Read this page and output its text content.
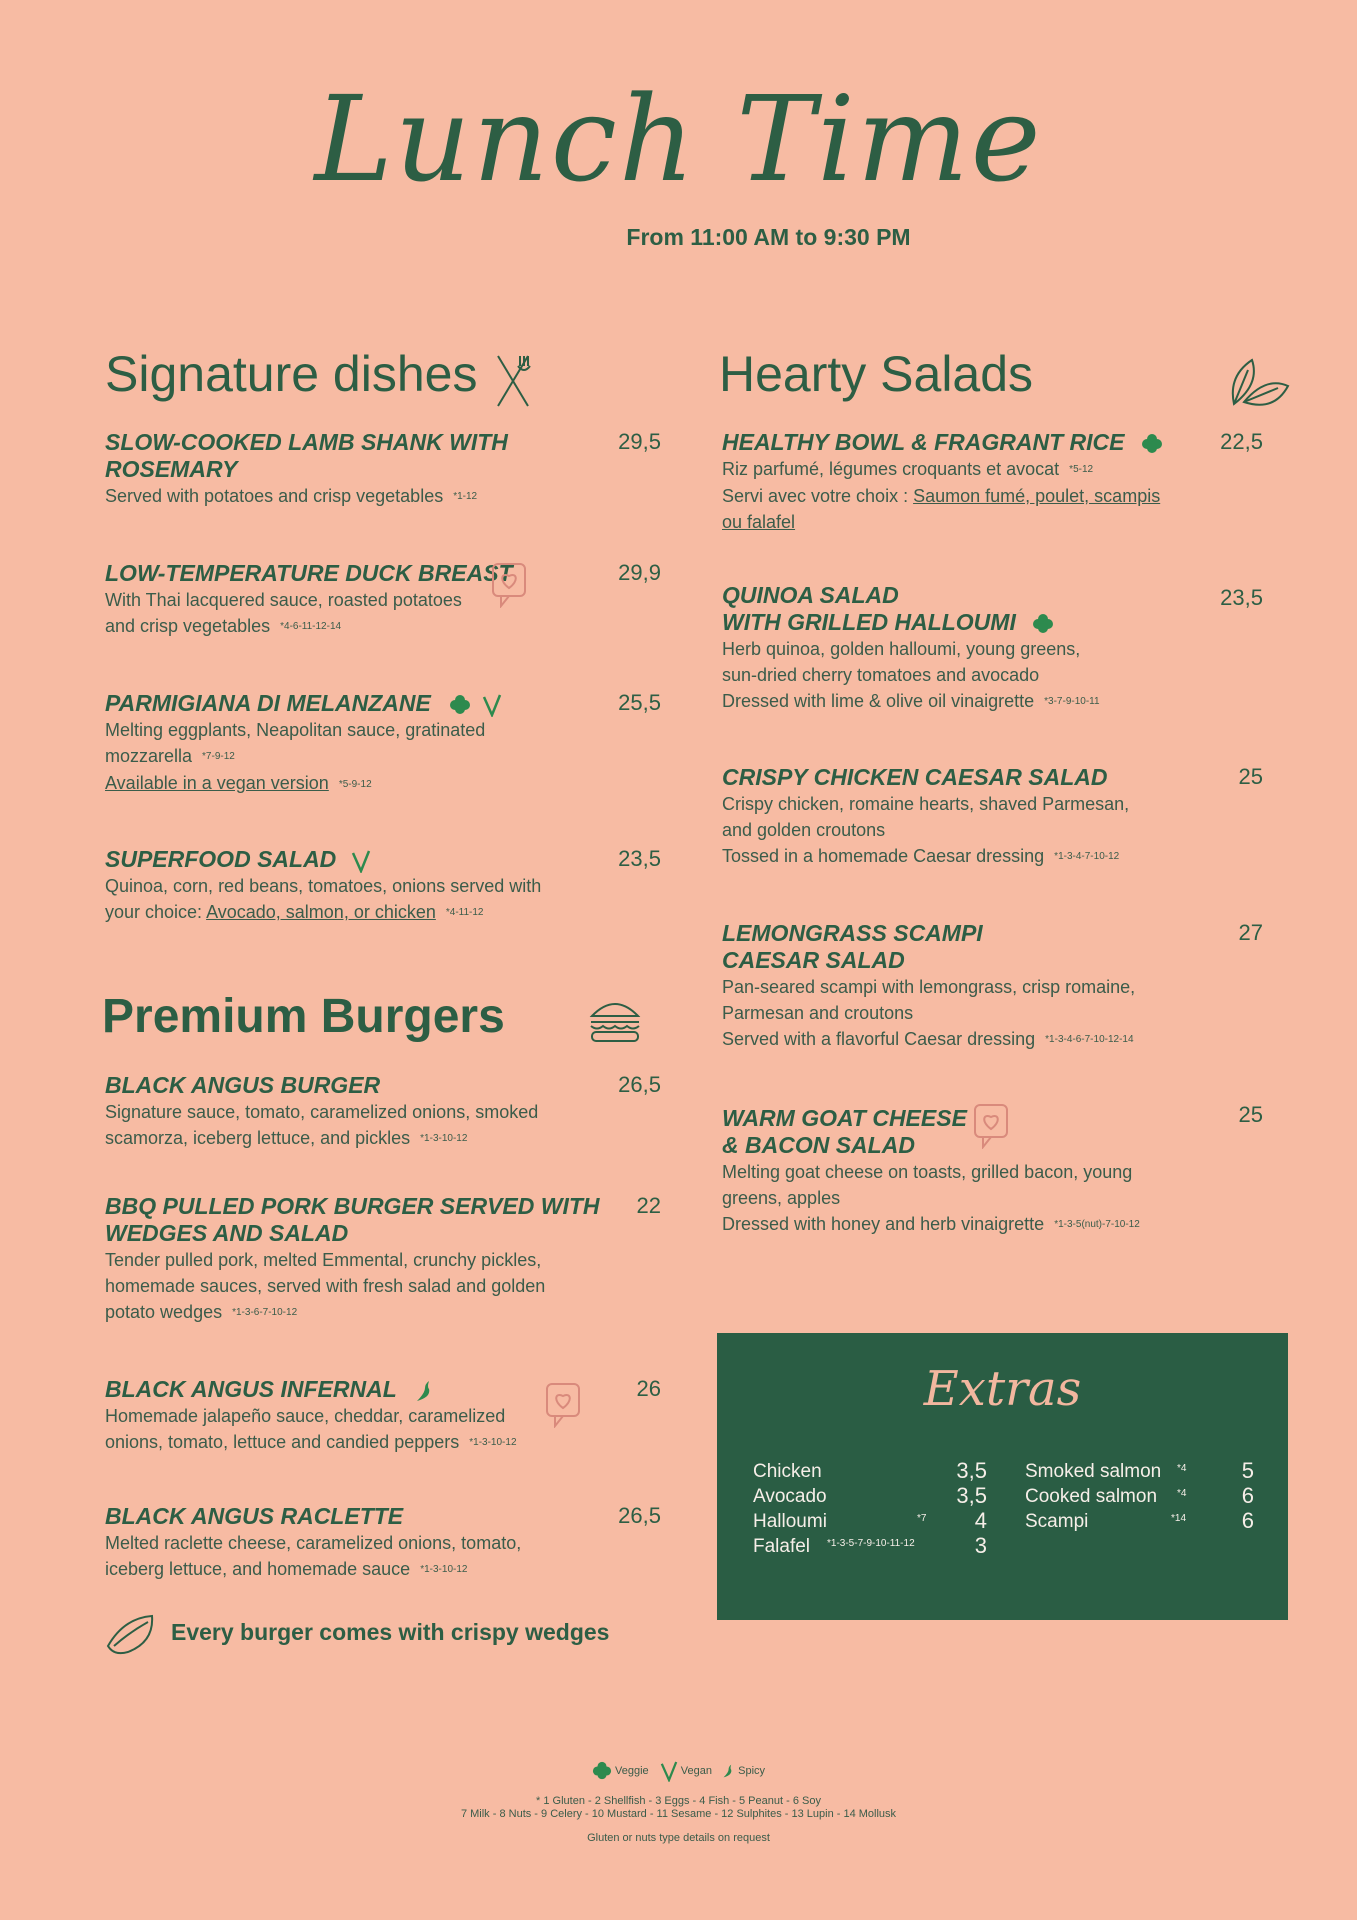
Lunch Time
From 11:00 AM to 9:30 PM
Signature dishes
SLOW-COOKED LAMB SHANK WITH
ROSEMARY
Served with potatoes and crisp vegetables *1-12
29,5
LOW-TEMPERATURE DUCK BREAST
With Thai lacquered sauce, roasted potatoes
and crisp vegetables *4-6-11-12-14
29,9
PARMIGIANA DI MELANZANE

Melting eggplants, Neapolitan sauce, gratinated
mozzarella *7-9-12
Available in a vegan version *5-9-12
25,5
SUPERFOOD SALAD
Quinoa, corn, red beans, tomatoes, onions served with
your choice: Avocado, salmon, or chicken *4-11-12
23,5
Premium Burgers
BLACK ANGUS BURGER
Signature sauce, tomato, caramelized onions, smoked
scamorza, iceberg lettuce, and pickles *1-3-10-12
26,5
BBQ PULLED PORK BURGER SERVED WITH
WEDGES AND SALAD
Tender pulled pork, melted Emmental, crunchy pickles,
homemade sauces, served with fresh salad and golden
potato wedges *1-3-6-7-10-12
22
BLACK ANGUS INFERNAL
Homemade jalapeño sauce, cheddar, caramelized
onions, tomato, lettuce and candied peppers *1-3-10-12
26
BLACK ANGUS RACLETTE
Melted raclette cheese, caramelized onions, tomato,
iceberg lettuce, and homemade sauce *1-3-10-12
26,5
Every burger comes with crispy wedges
Hearty Salads
HEALTHY BOWL & FRAGRANT RICE
Riz parfumé, légumes croquants et avocat *5-12
Servi avec votre choix : Saumon fumé, poulet, scampis
ou falafel
22,5
QUINOA SALAD
WITH GRILLED HALLOUMI
Herb quinoa, golden halloumi, young greens,
sun-dried cherry tomatoes and avocado
Dressed with lime & olive oil vinaigrette *3-7-9-10-11
23,5
CRISPY CHICKEN CAESAR SALAD
Crispy chicken, romaine hearts, shaved Parmesan,
and golden croutons
Tossed in a homemade Caesar dressing *1-3-4-7-10-12
25
LEMONGRASS SCAMPI
CAESAR SALAD
Pan-seared scampi with lemongrass, crisp romaine,
Parmesan and croutons
Served with a flavorful Caesar dressing *1-3-4-6-7-10-12-14
27
WARM GOAT CHEESE
& BACON SALAD
Melting goat cheese on toasts, grilled bacon, young
greens, apples
Dressed with honey and herb vinaigrette *1-3-5(nut)-7-10-12
25
Extras
Chicken	3,5
Avocado	3,5
Halloumi	*7	4
Falafel *1-3-5-7-9-10-11-12	3
Smoked salmon *4	5
Cooked salmon *4	6
Scampi	*14	6
Veggie	Vegan Spicy
* 1 Gluten - 2 Shellfish - 3 Eggs - 4 Fish - 5 Peanut - 6 Soy
7 Milk - 8 Nuts - 9 Celery - 10 Mustard - 11 Sesame - 12 Sulphites - 13 Lupin - 14 Mollusk
Gluten or nuts type details on request
